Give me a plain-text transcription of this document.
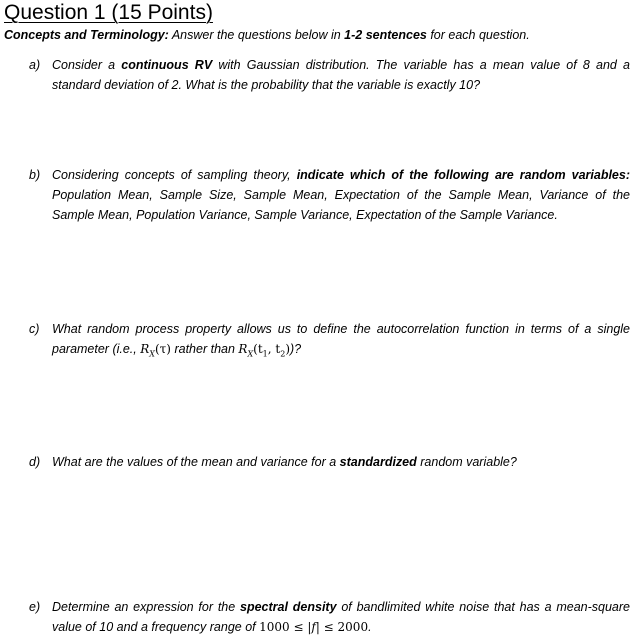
Question 1 (15 Points)
Concepts and Terminology: Answer the questions below in 1-2 sentences for each question.
a) Consider a continuous RV with Gaussian distribution. The variable has a mean value of 8 and a standard deviation of 2. What is the probability that the variable is exactly 10?
b) Considering concepts of sampling theory, indicate which of the following are random variables: Population Mean, Sample Size, Sample Mean, Expectation of the Sample Mean, Variance of the Sample Mean, Population Variance, Sample Variance, Expectation of the Sample Variance.
c) What random process property allows us to define the autocorrelation function in terms of a single parameter (i.e., $R_X(\tau)$ rather than $R_X(t_1$, $t_2$))?
d) What are the values of the mean and variance for a standardized random variable?
e) Determine an expression for the spectral density of bandlimited white noise that has a mean-square value of 10 and a frequency range of 1000 ≤ |f| ≤ 2000.
